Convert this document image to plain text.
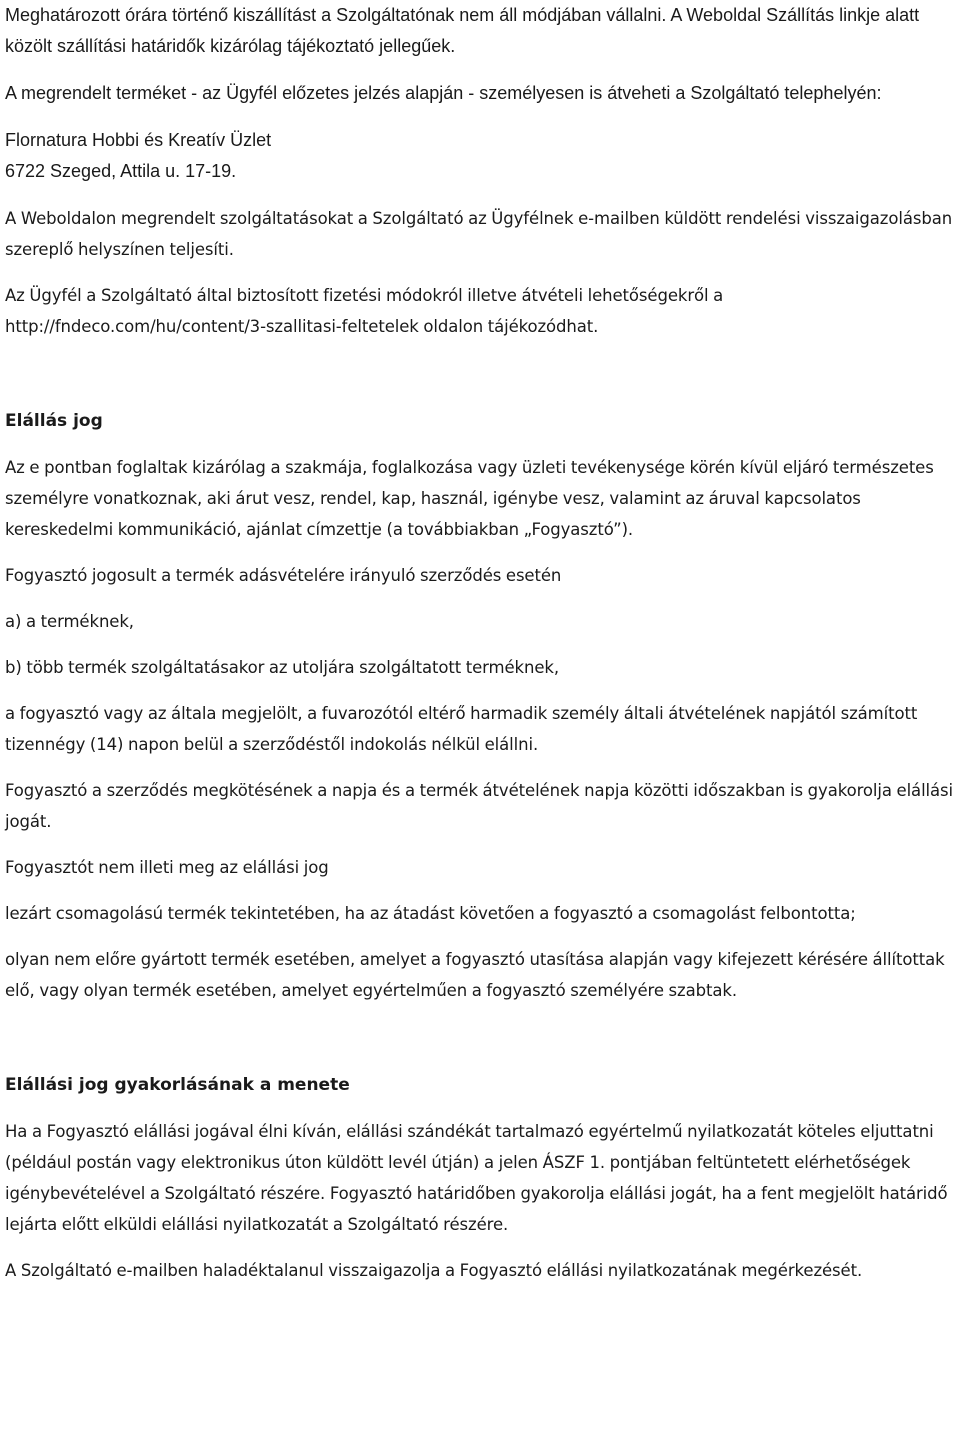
Meghatározott órára történő kiszállítást a Szolgáltatónak nem áll módjában vállalni. A Weboldal Szállítás linkje alatt közölt szállítási határidők kizárólag tájékoztató jellegűek.

A megrendelt terméket - az Ügyfél előzetes jelzés alapján - személyesen is átveheti a Szolgáltató telephelyén:

Flornatura Hobbi és Kreatív Üzlet

6722 Szeged, Attila u. 17-19.

A Weboldalon megrendelt szolgáltatásokat a Szolgáltató az Ügyfélnek e-mailben küldött rendelési visszaigazolásban szereplő helyszínen teljesíti.

Az Ügyfél a Szolgáltató által biztosított fizetési módokról illetve átvételi lehetőségekről a http://fndeco.com/hu/content/3-szallitasi-feltetelek oldalon tájékozódhat.

Elállás jog

Az e pontban foglaltak kizárólag a szakmája, foglalkozása vagy üzleti tevékenysége körén kívül eljáró természetes személyre vonatkoznak, aki árut vesz, rendel, kap, használ, igénybe vesz, valamint az áruval kapcsolatos kereskedelmi kommunikáció, ajánlat címzettje (a továbbiakban „Fogyasztó”).

Fogyasztó jogosult a termék adásvételére irányuló szerződés esetén

a) a terméknek,

b) több termék szolgáltatásakor az utoljára szolgáltatott terméknek,

a fogyasztó vagy az általa megjelölt, a fuvarozótól eltérő harmadik személy általi átvételének napjától számított tizennégy (14) napon belül a szerződéstől indokolás nélkül elállni.

Fogyasztó a szerződés megkötésének a napja és a termék átvételének napja közötti időszakban is gyakorolja elállási jogát.

Fogyasztót nem illeti meg az elállási jog

lezárt csomagolású termék tekintetében, ha az átadást követően a fogyasztó a csomagolást felbontotta;

olyan nem előre gyártott termék esetében, amelyet a fogyasztó utasítása alapján vagy kifejezett kérésére állítottak elő, vagy olyan termék esetében, amelyet egyértelműen a fogyasztó személyére szabtak.

Elállási jog gyakorlásának a menete

Ha a Fogyasztó elállási jogával élni kíván, elállási szándékát tartalmazó egyértelmű nyilatkozatát köteles eljuttatni (például postán vagy elektronikus úton küldött levél útján) a jelen ÁSZF 1. pontjában feltüntetett elérhetőségek igénybevételével a Szolgáltató részére. Fogyasztó határidőben gyakorolja elállási jogát, ha a fent megjelölt határidő lejárta előtt elküldi elállási nyilatkozatát a Szolgáltató részére.

A Szolgáltató e-mailben haladéktalanul visszaigazolja a Fogyasztó elállási nyilatkozatának megérkezését.
